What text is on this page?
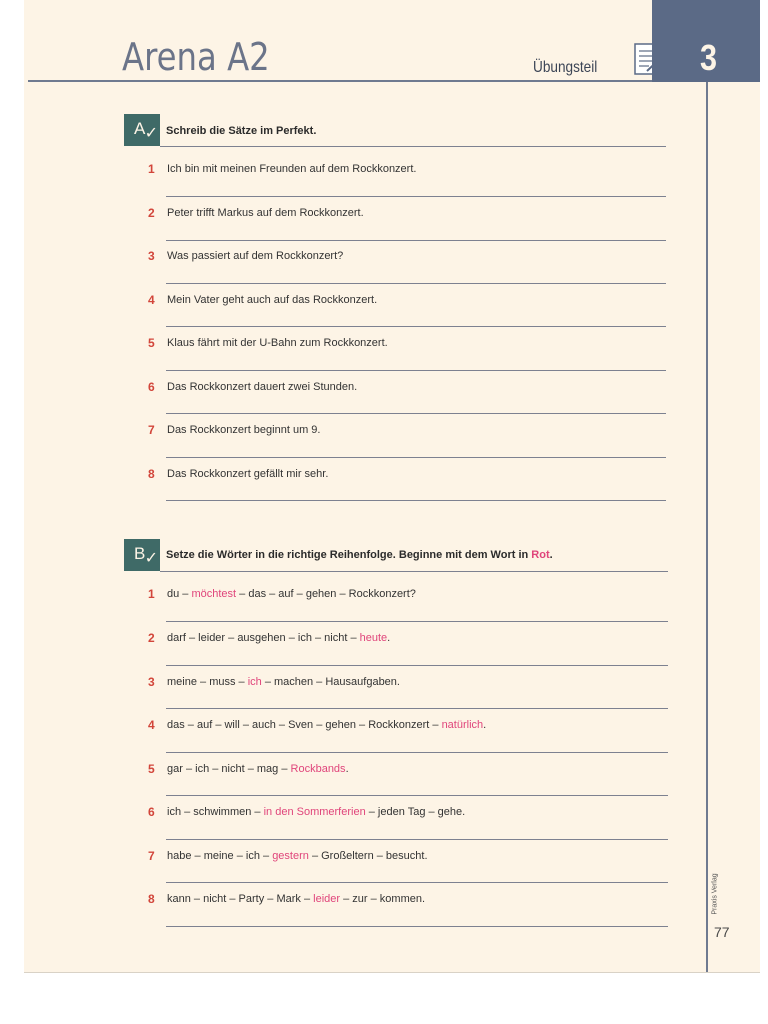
Arena A2	Übungsteil	3
A ✓ Schreib die Sätze im Perfekt.
1 Ich bin mit meinen Freunden auf dem Rockkonzert.
2 Peter trifft Markus auf dem Rockkonzert.
3 Was passiert auf dem Rockkonzert?
4 Mein Vater geht auch auf das Rockkonzert.
5 Klaus fährt mit der U-Bahn zum Rockkonzert.
6 Das Rockkonzert dauert zwei Stunden.
7 Das Rockkonzert beginnt um 9.
8 Das Rockkonzert gefällt mir sehr.
B ✓ Setze die Wörter in die richtige Reihenfolge. Beginne mit dem Wort in Rot.
1 du – möchtest – das – auf – gehen – Rockkonzert?
2 darf – leider – ausgehen – ich – nicht – heute.
3 meine – muss – ich – machen – Hausaufgaben.
4 das – auf – will – auch – Sven – gehen – Rockkonzert – natürlich.
5 gar – ich – nicht – mag – Rockbands.
6 ich – schwimmen – in den Sommerferien – jeden Tag – gehe.
7 habe – meine – ich – gestern – Großeltern – besucht.
8 kann – nicht – Party – Mark – leider – zur – kommen.	Praxis Verlag
77
